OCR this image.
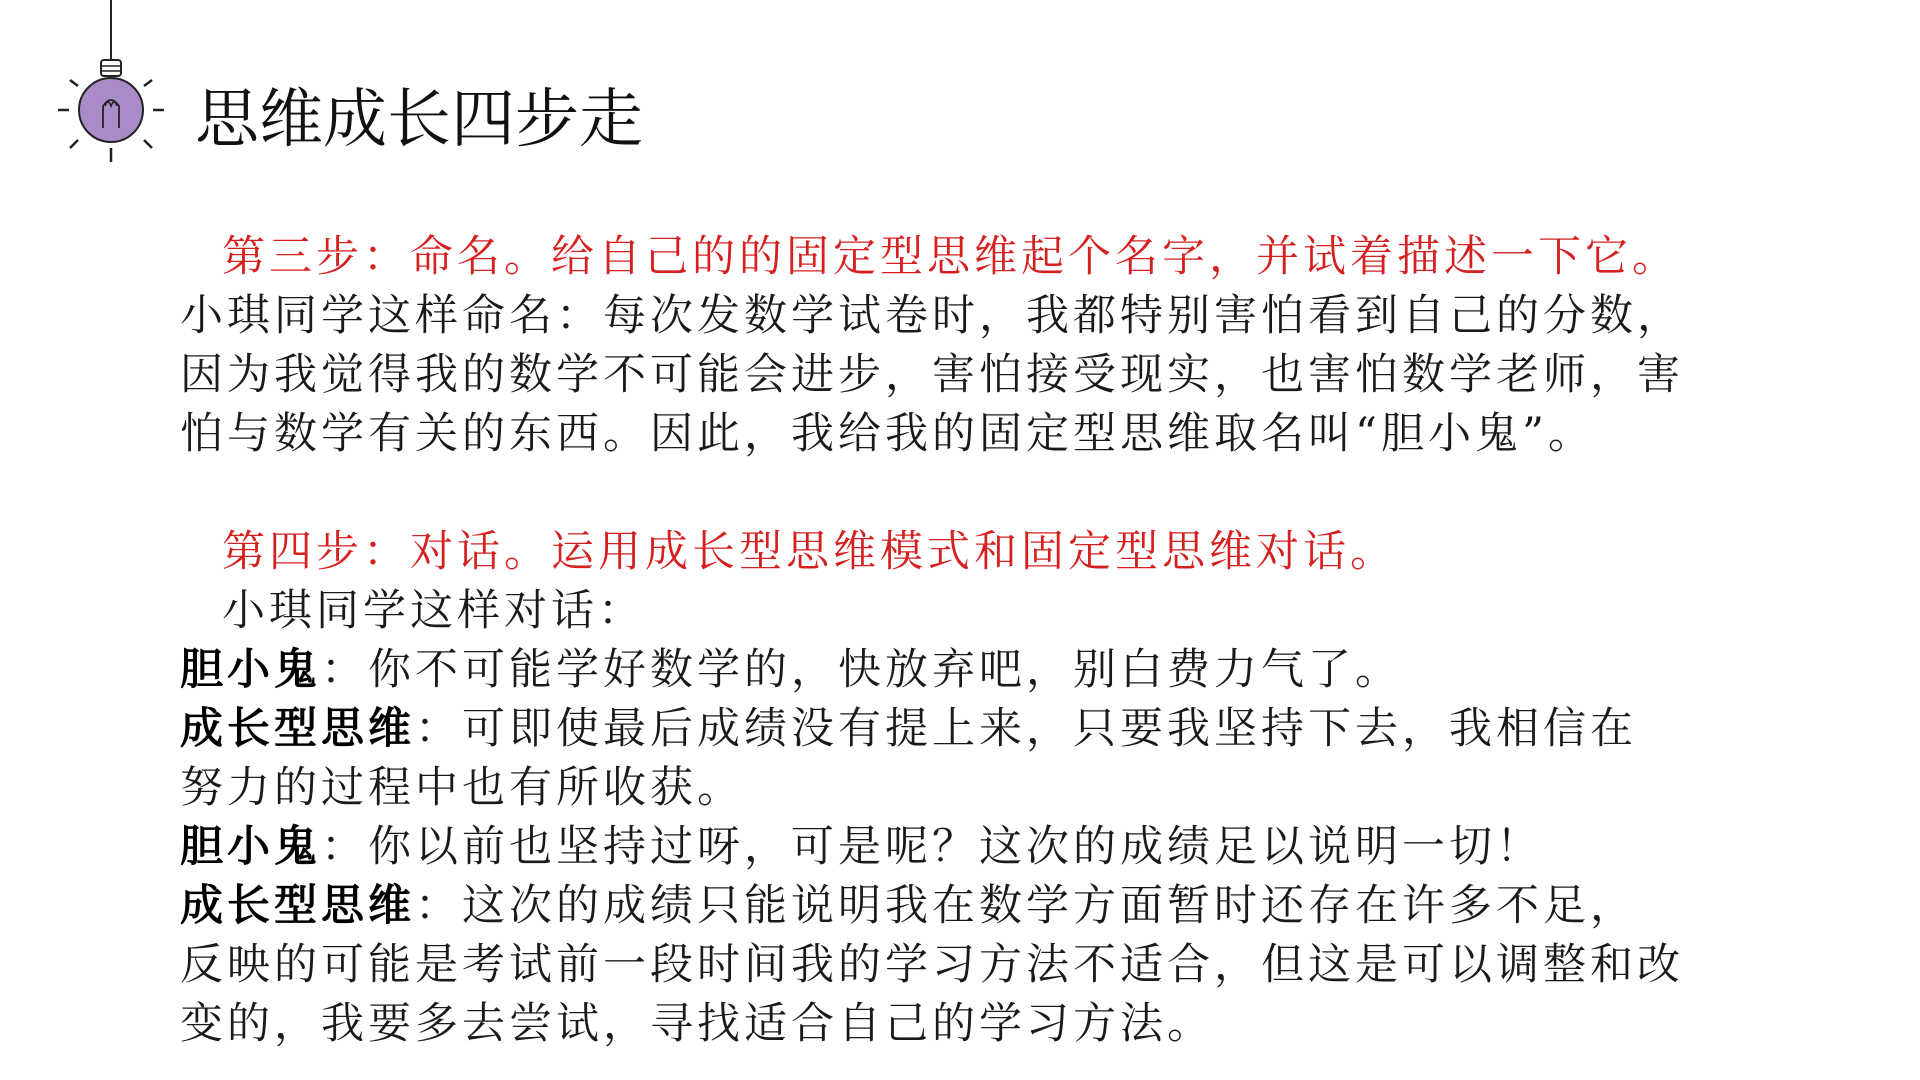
思维成长四步走
第三步：命名。给自己的的固定型思维起个名字，并试着描述一下它。
小琪同学这样命名：每次发数学试卷时，我都特别害怕看到自己的分数，
因为我觉得我的数学不可能会进步，害怕接受现实，也害怕数学老师，害
怕与数学有关的东西。因此，我给我的固定型思维取名叫“胆小鬼”。
第四步：对话。运用成长型思维模式和固定型思维对话。
小琪同学这样对话：
胆小鬼：你不可能学好数学的，快放弃吧，别白费力气了。
成长型思维：可即使最后成绩没有提上来，只要我坚持下去，我相信在
努力的过程中也有所收获。
胆小鬼：你以前也坚持过呀，可是呢？这次的成绩足以说明一切！
成长型思维：这次的成绩只能说明我在数学方面暂时还存在许多不足，
反映的可能是考试前一段时间我的学习方法不适合，但这是可以调整和改
变的，我要多去尝试，寻找适合自己的学习方法。
